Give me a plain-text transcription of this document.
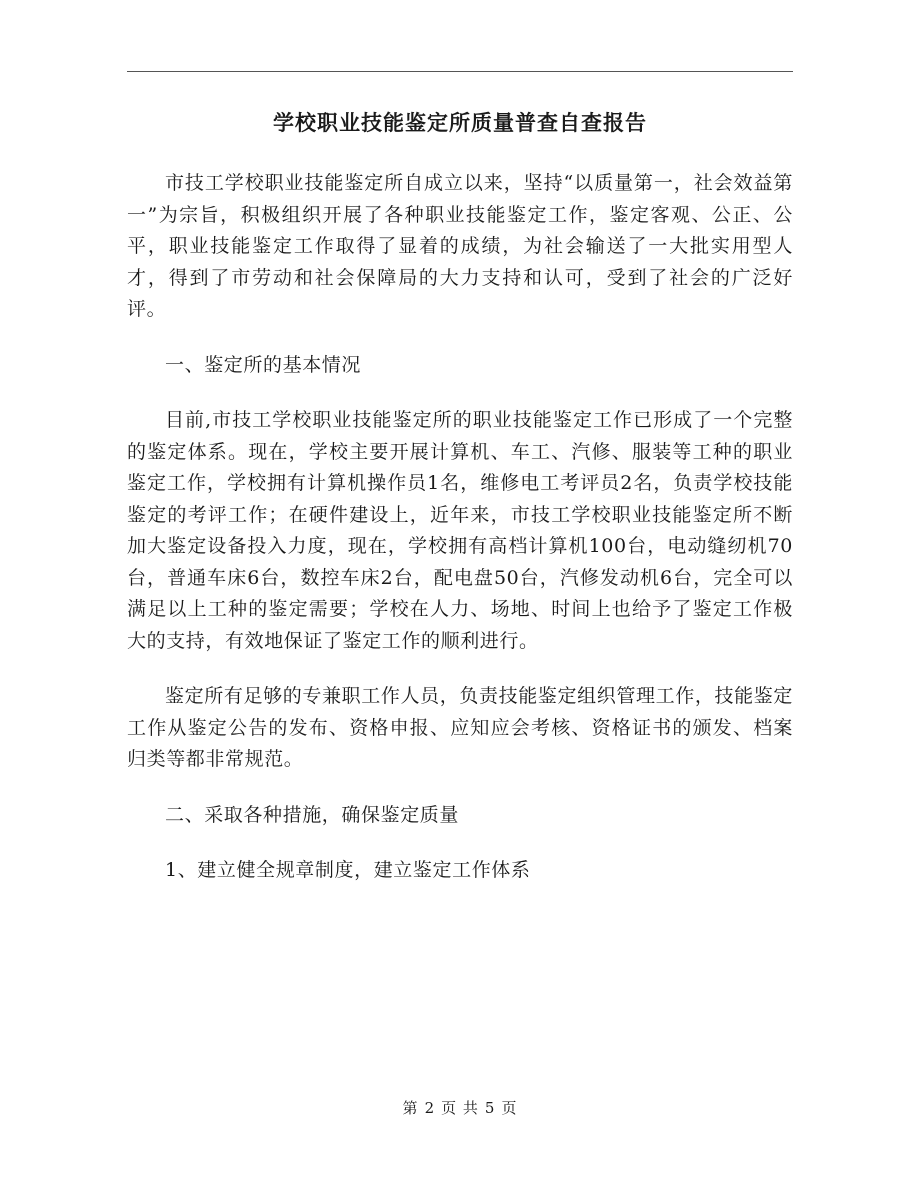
学校职业技能鉴定所质量普查自查报告

市技工学校职业技能鉴定所自成立以来，坚持“以质量第一，社会效益第一”为宗旨，积极组织开展了各种职业技能鉴定工作，鉴定客观、公正、公平，职业技能鉴定工作取得了显着的成绩，为社会输送了一大批实用型人才，得到了市劳动和社会保障局的大力支持和认可，受到了社会的广泛好评。

一、鉴定所的基本情况

目前,市技工学校职业技能鉴定所的职业技能鉴定工作已形成了一个完整的鉴定体系。现在，学校主要开展计算机、车工、汽修、服装等工种的职业鉴定工作，学校拥有计算机操作员1名，维修电工考评员2名，负责学校技能鉴定的考评工作；在硬件建设上，近年来，市技工学校职业技能鉴定所不断加大鉴定设备投入力度，现在，学校拥有高档计算机100台，电动缝纫机70台，普通车床6台，数控车床2台，配电盘50台，汽修发动机6台，完全可以满足以上工种的鉴定需要；学校在人力、场地、时间上也给予了鉴定工作极大的支持，有效地保证了鉴定工作的顺利进行。

鉴定所有足够的专兼职工作人员，负责技能鉴定组织管理工作，技能鉴定工作从鉴定公告的发布、资格申报、应知应会考核、资格证书的颁发、档案归类等都非常规范。

二、采取各种措施，确保鉴定质量

1、建立健全规章制度，建立鉴定工作体系

第 2 页 共 5 页
